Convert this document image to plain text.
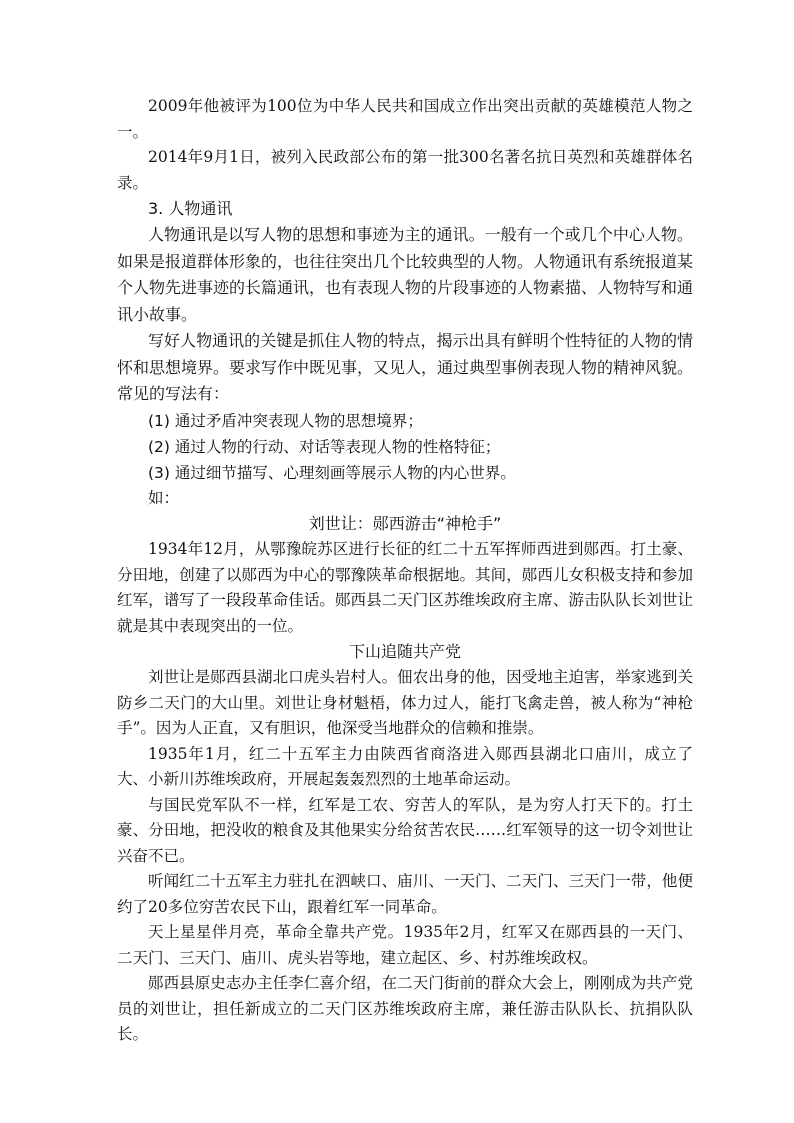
2009年他被评为100位为中华人民共和国成立作出突出贡献的英雄模范人物之一。

2014年9月1日，被列入民政部公布的第一批300名著名抗日英烈和英雄群体名录。

3. 人物通讯

人物通讯是以写人物的思想和事迹为主的通讯。一般有一个或几个中心人物。如果是报道群体形象的，也往往突出几个比较典型的人物。人物通讯有系统报道某个人物先进事迹的长篇通讯，也有表现人物的片段事迹的人物素描、人物特写和通讯小故事。

写好人物通讯的关键是抓住人物的特点，揭示出具有鲜明个性特征的人物的情怀和思想境界。要求写作中既见事，又见人，通过典型事例表现人物的精神风貌。常见的写法有：

(1) 通过矛盾冲突表现人物的思想境界；

(2) 通过人物的行动、对话等表现人物的性格特征；

(3) 通过细节描写、心理刻画等展示人物的内心世界。

如：

刘世让：郧西游击“神枪手”

1934年12月，从鄂豫皖苏区进行长征的红二十五军挥师西进到郧西。打土豪、分田地，创建了以郧西为中心的鄂豫陕革命根据地。其间，郧西儿女积极支持和参加红军，谱写了一段段革命佳话。郧西县二天门区苏维埃政府主席、游击队队长刘世让就是其中表现突出的一位。

下山追随共产党

刘世让是郧西县湖北口虎头岩村人。佃农出身的他，因受地主迫害，举家逃到关防乡二天门的大山里。刘世让身材魁梧，体力过人，能打飞禽走兽，被人称为“神枪手”。因为人正直，又有胆识，他深受当地群众的信赖和推崇。

1935年1月，红二十五军主力由陕西省商洛进入郧西县湖北口庙川，成立了大、小新川苏维埃政府，开展起轰轰烈烈的土地革命运动。

与国民党军队不一样，红军是工农、穷苦人的军队，是为穷人打天下的。打土豪、分田地，把没收的粮食及其他果实分给贫苦农民……红军领导的这一切令刘世让兴奋不已。

听闻红二十五军主力驻扎在泗峡口、庙川、一天门、二天门、三天门一带，他便约了20多位穷苦农民下山，跟着红军一同革命。

天上星星伴月亮，革命全靠共产党。1935年2月，红军又在郧西县的一天门、二天门、三天门、庙川、虎头岩等地，建立起区、乡、村苏维埃政权。

郧西县原史志办主任李仁喜介绍，在二天门街前的群众大会上，刚刚成为共产党员的刘世让，担任新成立的二天门区苏维埃政府主席，兼任游击队队长、抗捐队队长。
